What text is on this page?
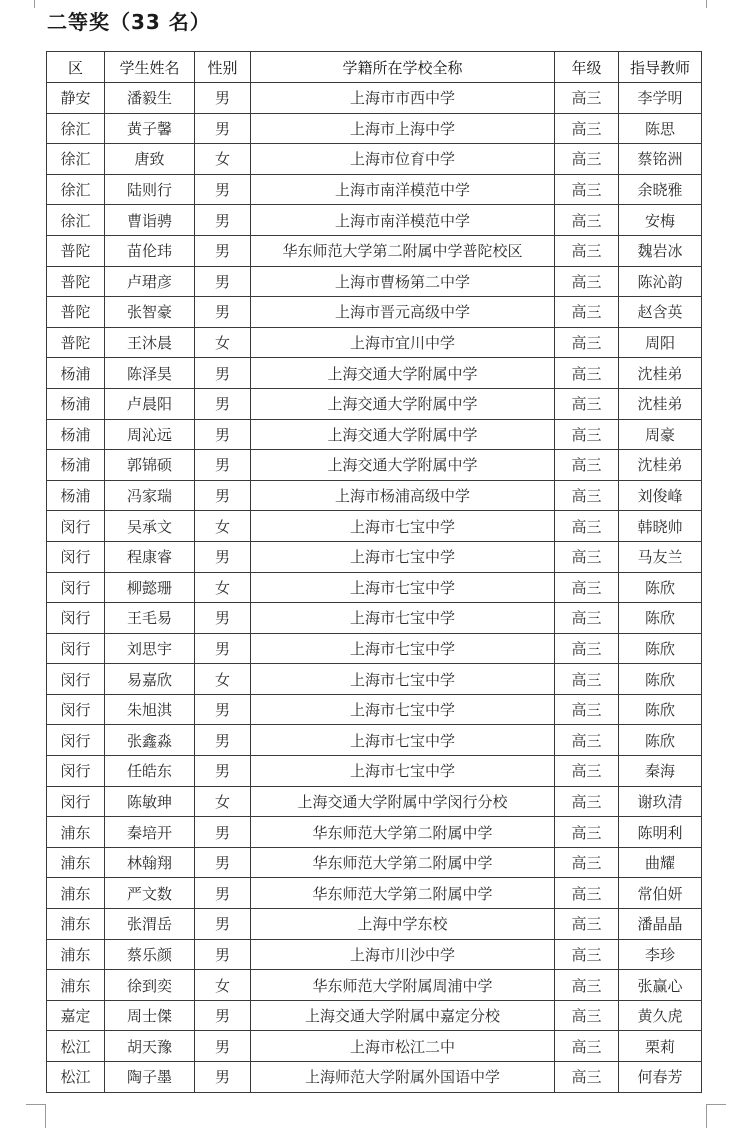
二等奖（33 名）
区	学生姓名	性别	学籍所在学校全称	年级	指导教师
静安	潘毅生	男	上海市市西中学	高三	李学明
徐汇	黄子馨	男	上海市上海中学	高三	陈思
徐汇	唐致	女	上海市位育中学	高三	蔡铭洲
徐汇	陆则行	男	上海市南洋模范中学	高三	余晓雅
徐汇	曹诣骋	男	上海市南洋模范中学	高三	安梅
普陀	苗伦玮	男	华东师范大学第二附属中学普陀校区	高三	魏岩冰
普陀	卢珺彦	男	上海市曹杨第二中学	高三	陈沁韵
普陀	张智豪	男	上海市晋元高级中学	高三	赵含英
普陀	王沐晨	女	上海市宜川中学	高三	周阳
杨浦	陈泽昊	男	上海交通大学附属中学	高三	沈桂弟
杨浦	卢晨阳	男	上海交通大学附属中学	高三	沈桂弟
杨浦	周沁远	男	上海交通大学附属中学	高三	周豪
杨浦	郭锦硕	男	上海交通大学附属中学	高三	沈桂弟
杨浦	冯家瑞	男	上海市杨浦高级中学	高三	刘俊峰
闵行	吴承文	女	上海市七宝中学	高三	韩晓帅
闵行	程康睿	男	上海市七宝中学	高三	马友兰
闵行	柳懿珊	女	上海市七宝中学	高三	陈欣
闵行	王毛易	男	上海市七宝中学	高三	陈欣
闵行	刘思宇	男	上海市七宝中学	高三	陈欣
闵行	易嘉欣	女	上海市七宝中学	高三	陈欣
闵行	朱旭淇	男	上海市七宝中学	高三	陈欣
闵行	张鑫淼	男	上海市七宝中学	高三	陈欣
闵行	任皓东	男	上海市七宝中学	高三	秦海
闵行	陈敏珅	女	上海交通大学附属中学闵行分校	高三	谢玖清
浦东	秦培开	男	华东师范大学第二附属中学	高三	陈明利
浦东	林翰翔	男	华东师范大学第二附属中学	高三	曲耀
浦东	严文数	男	华东师范大学第二附属中学	高三	常伯妍
浦东	张渭岳	男	上海中学东校	高三	潘晶晶
浦东	蔡乐颜	男	上海市川沙中学	高三	李珍
浦东	徐到奕	女	华东师范大学附属周浦中学	高三	张赢心
嘉定	周士傑	男	上海交通大学附属中嘉定分校	高三	黄久虎
松江	胡天豫	男	上海市松江二中	高三	栗莉
松江	陶子墨	男	上海师范大学附属外国语中学	高三	何春芳
